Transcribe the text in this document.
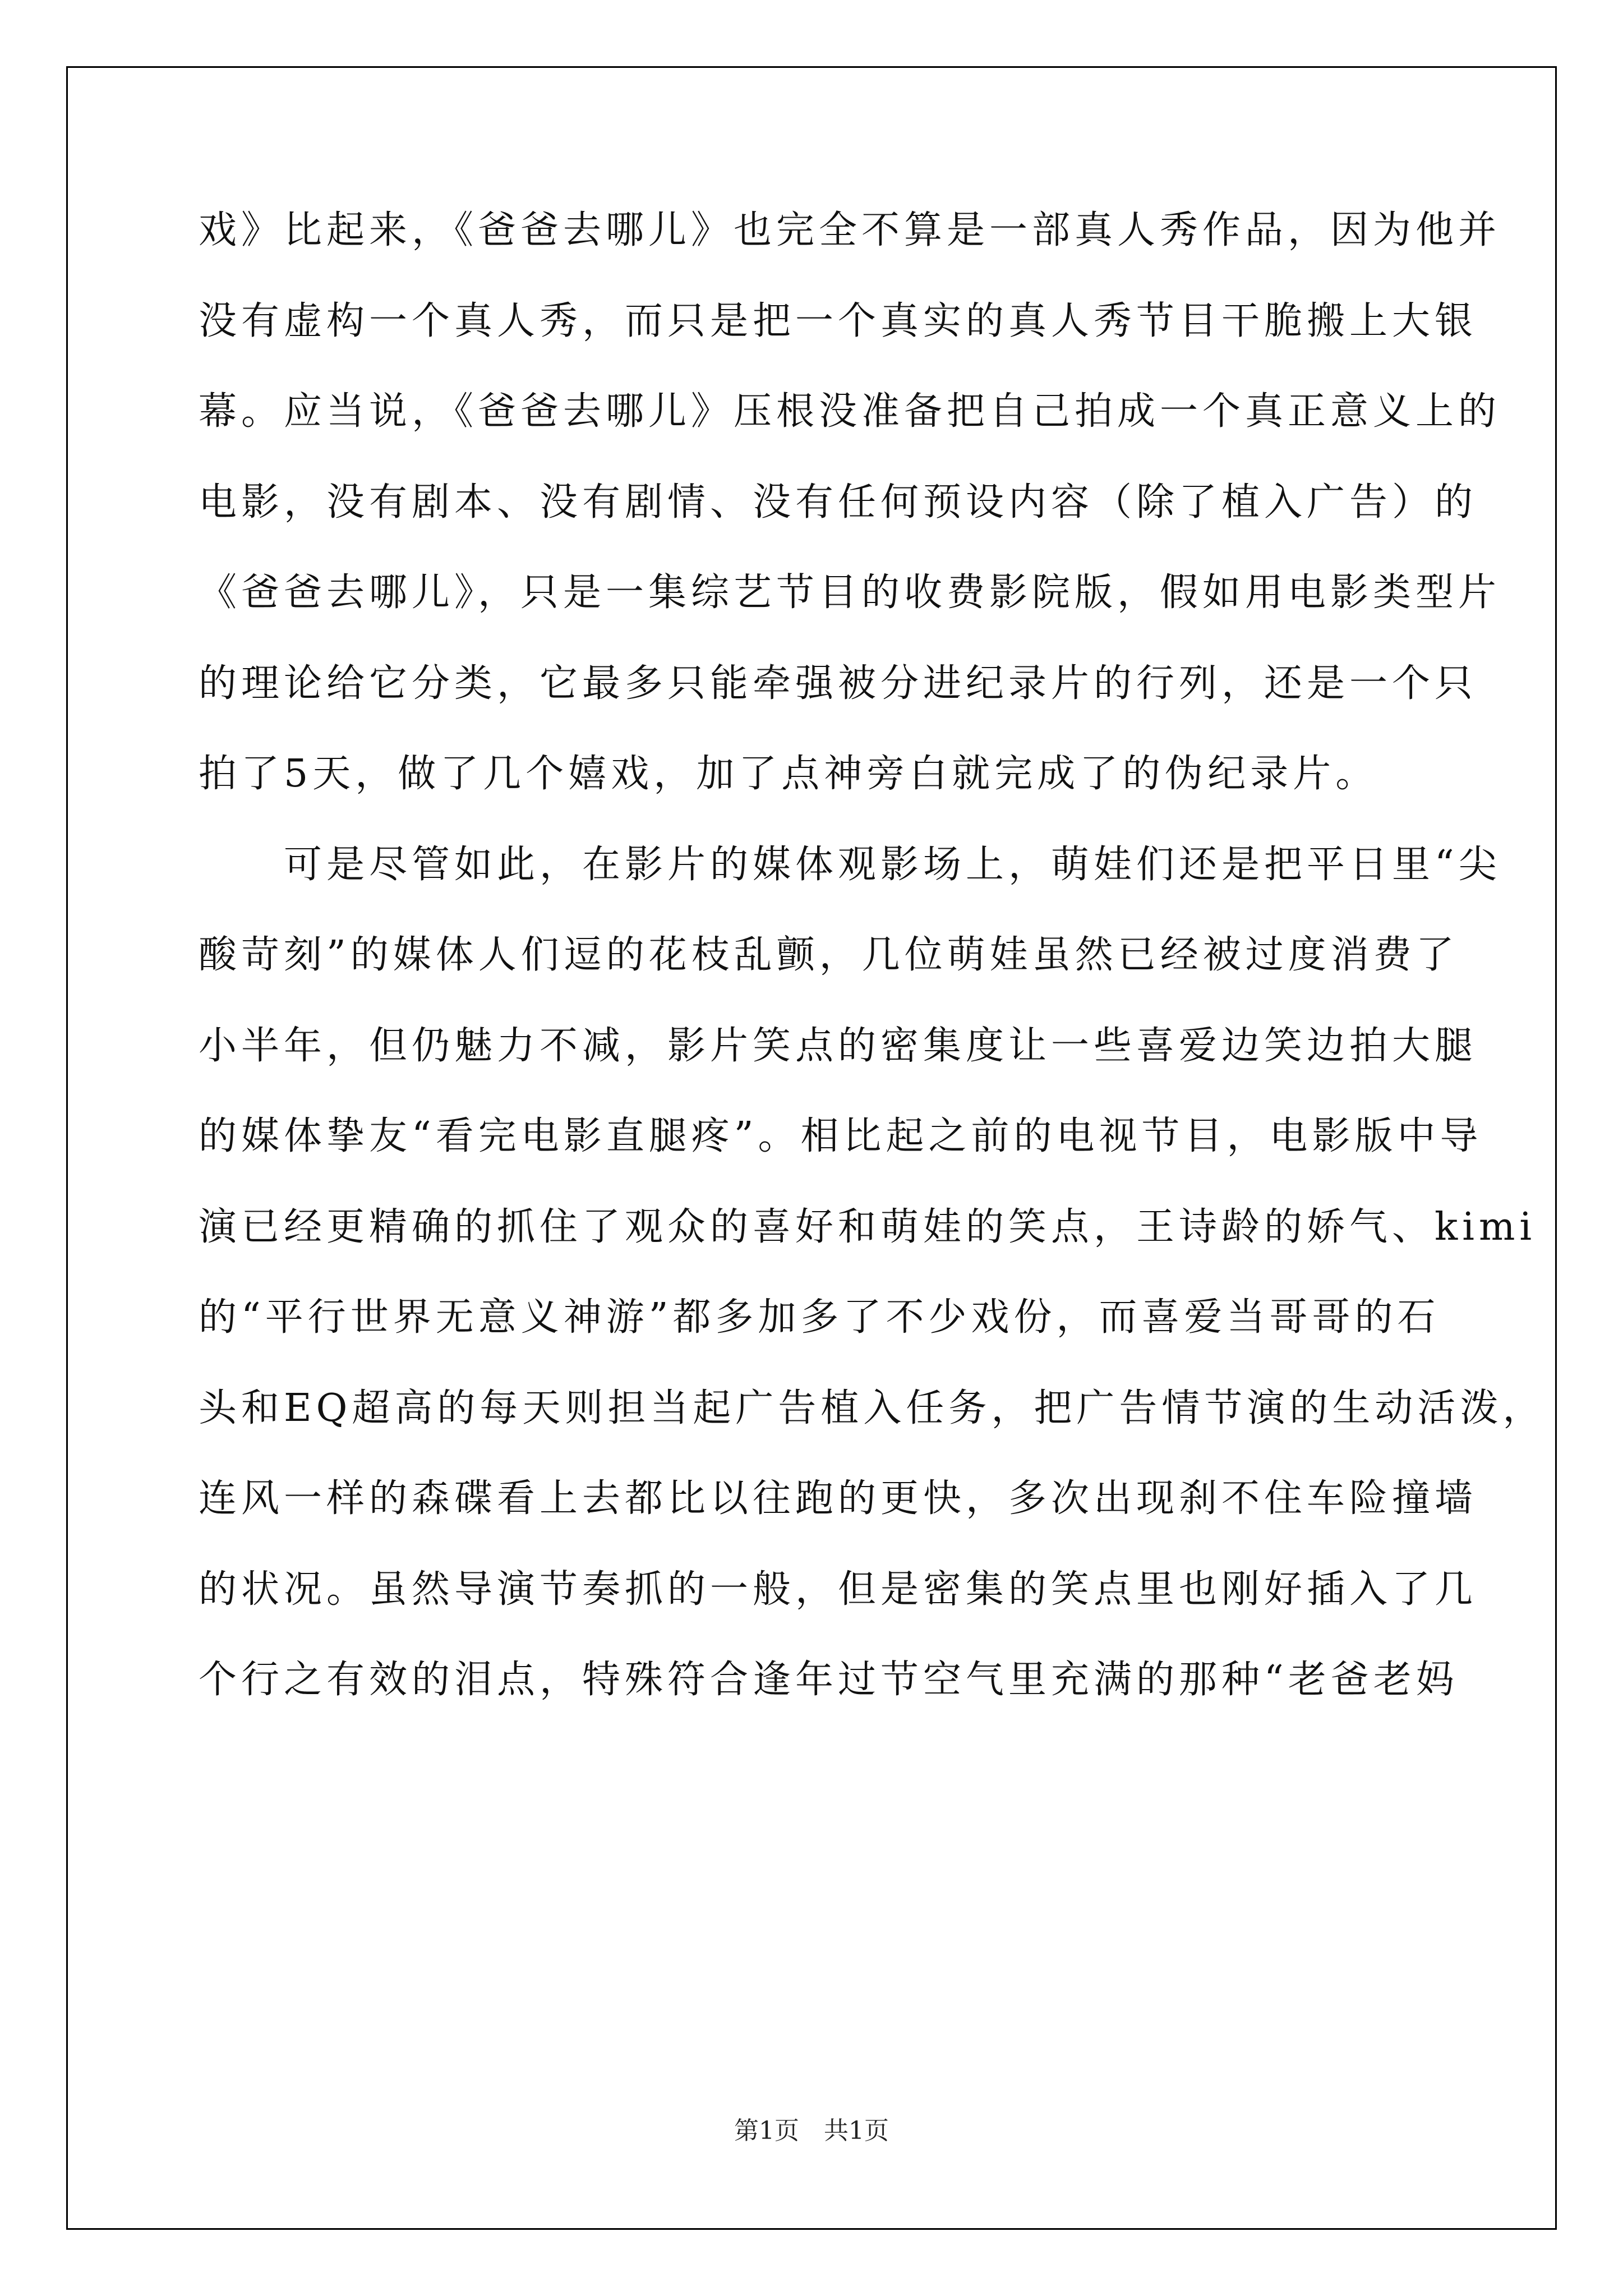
戏》比起来，《爸爸去哪儿》也完全不算是一部真人秀作品，因为他并
没有虚构一个真人秀，而只是把一个真实的真人秀节目干脆搬上大银
幕。应当说，《爸爸去哪儿》压根没准备把自己拍成一个真正意义上的
电影，没有剧本、没有剧情、没有任何预设内容（除了植入广告）的
《爸爸去哪儿》，只是一集综艺节目的收费影院版，假如用电影类型片
的理论给它分类，它最多只能牵强被分进纪录片的行列，还是一个只
拍了5天，做了几个嬉戏，加了点神旁白就完成了的伪纪录片。
　　可是尽管如此，在影片的媒体观影场上，萌娃们还是把平日里“尖
酸苛刻”的媒体人们逗的花枝乱颤，几位萌娃虽然已经被过度消费了
小半年，但仍魅力不减，影片笑点的密集度让一些喜爱边笑边拍大腿
的媒体挚友“看完电影直腿疼”。相比起之前的电视节目，电影版中导
演已经更精确的抓住了观众的喜好和萌娃的笑点，王诗龄的娇气、kimi
的“平行世界无意义神游”都多加多了不少戏份，而喜爱当哥哥的石
头和EQ超高的每天则担当起广告植入任务，把广告情节演的生动活泼，
连风一样的森碟看上去都比以往跑的更快，多次出现刹不住车险撞墙
的状况。虽然导演节奏抓的一般，但是密集的笑点里也刚好插入了几
个行之有效的泪点，特殊符合逢年过节空气里充满的那种“老爸老妈
第1页　共1页
